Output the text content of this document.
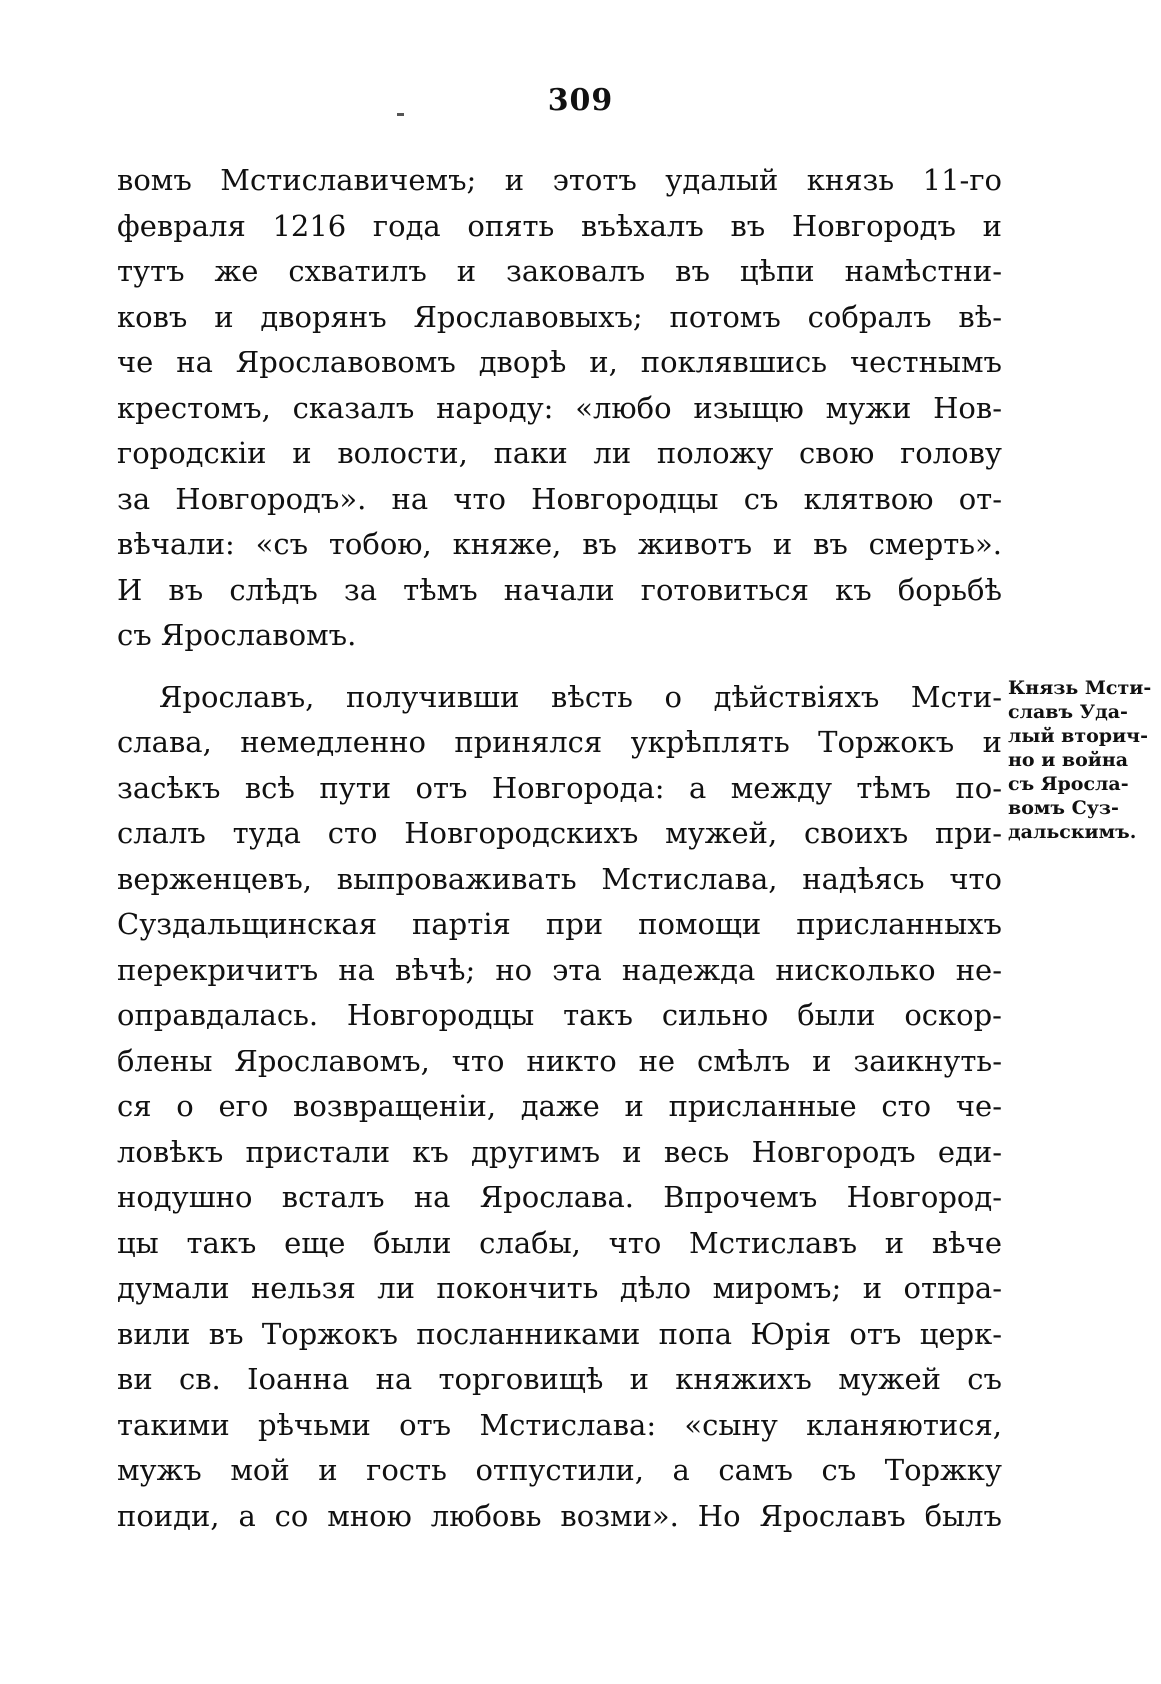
309
вомъ Мстиславичемъ; и этотъ удалый князь 11-го
февраля 1216 года опять въѣхалъ въ Новгородъ и
тутъ же схватилъ и заковалъ въ цѣпи намѣстни-
ковъ и дворянъ Ярославовыхъ; потомъ собралъ вѣ-
че на Ярославовомъ дворѣ и, поклявшись честнымъ
крестомъ, сказалъ народу: «любо изыщю мужи Нов-
городскіи и волости, паки ли положу свою голову
за Новгородъ». на что Новгородцы съ клятвою от-
вѣчали: «съ тобою, княже, въ животъ и въ смерть».
И въ слѣдъ за тѣмъ начали готовиться къ борьбѣ
съ Ярославомъ.
Ярославъ, получивши вѣсть о дѣйствіяхъ Мсти-
слава, немедленно принялся укрѣплять Торжокъ и
засѣкъ всѣ пути отъ Новгорода: а между тѣмъ по-
слалъ туда сто Новгородскихъ мужей, своихъ при-
верженцевъ, выпроваживать Мстислава, надѣясь что
Суздальщинская партія при помощи присланныхъ
перекричитъ на вѣчѣ; но эта надежда нисколько не-
оправдалась. Новгородцы такъ сильно были оскор-
блены Ярославомъ, что никто не смѣлъ и заикнуть-
ся о его возвращеніи, даже и присланные сто че-
ловѣкъ пристали къ другимъ и весь Новгородъ еди-
нодушно всталъ на Ярослава. Впрочемъ Новгород-
цы такъ еще были слабы, что Мстиславъ и вѣче
думали нельзя ли покончить дѣло миромъ; и отпра-
вили въ Торжокъ посланниками попа Юрія отъ церк-
ви св. Іоанна на торговищѣ и княжихъ мужей съ
такими рѣчьми отъ Мстислава: «сыну кланяютися,
мужъ мой и гость отпустили, а самъ съ Торжку
поиди, а со мною любовь возми». Но Ярославъ былъ
Князь Мсти-
славъ Уда-
лый вторич-
но и война
съ Яросла-
вомъ Суз-
дальскимъ.
